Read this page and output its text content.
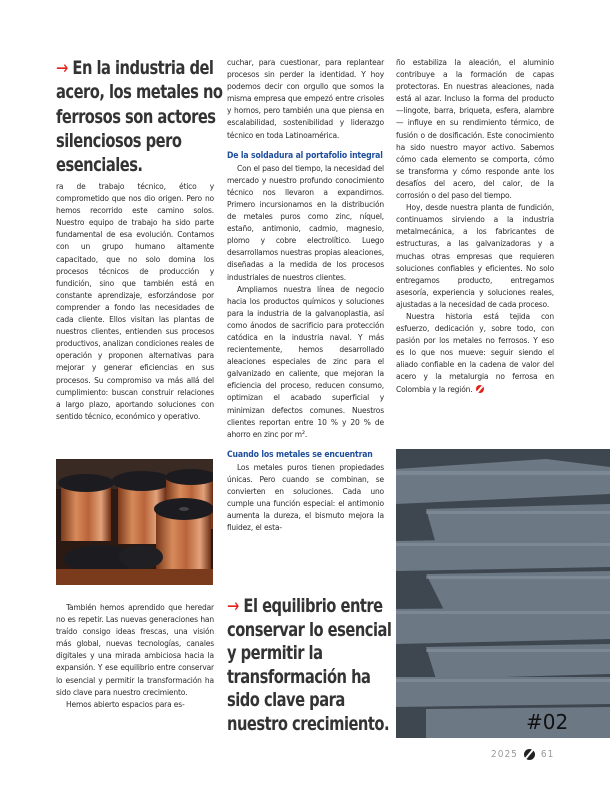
→ En la industria del acero, los metales no ferrosos son actores silenciosos pero esenciales.

ra de trabajo técnico, ético y comprometido que nos dio origen. Pero no hemos recorrido este camino solos. Nuestro equipo de trabajo ha sido parte fundamental de esa evolución. Contamos con un grupo humano altamente capacitado, que no solo domina los procesos técnicos de producción y fundición, sino que también está en constante aprendizaje, esforzándose por comprender a fondo las necesidades de cada cliente. Ellos visitan las plantas de nuestros clientes, entienden sus procesos productivos, analizan condiciones reales de operación y proponen alternativas para mejorar y generar eficiencias en sus procesos. Su compromiso va más allá del cumplimiento: buscan construir relaciones a largo plazo, aportando soluciones con sentido técnico, económico y operativo.

También hemos aprendido que heredar no es repetir. Las nuevas generaciones han traído consigo ideas frescas, una visión más global, nuevas tecnologías, canales digitales y una mirada ambiciosa hacia la expansión. Y ese equilibrio entre conservar lo esencial y permitir la transformación ha sido clave para nuestro crecimiento.

Hemos abierto espacios para es-

cuchar, para cuestionar, para replantear procesos sin perder la identidad. Y hoy podemos decir con orgullo que somos la misma empresa que empezó entre crisoles y hornos, pero también una que piensa en escalabilidad, sostenibilidad y liderazgo técnico en toda Latinoamérica.

De la soldadura al portafolio integral

Con el paso del tiempo, la necesidad del mercado y nuestro profundo conocimiento técnico nos llevaron a expandirnos. Primero incursionamos en la distribución de metales puros como zinc, níquel, estaño, antimonio, cadmio, magnesio, plomo y cobre electrolítico. Luego desarrollamos nuestras propias aleaciones, diseñadas a la medida de los procesos industriales de nuestros clientes.

Ampliamos nuestra línea de negocio hacia los productos químicos y soluciones para la industria de la galvanoplastia, así como ánodos de sacrificio para protección catódica en la industria naval. Y más recientemente, hemos desarrollado aleaciones especiales de zinc para el galvanizado en caliente, que mejoran la eficiencia del proceso, reducen consumo, optimizan el acabado superficial y minimizan defectos comunes. Nuestros clientes reportan entre 10 % y 20 % de ahorro en zinc por m².

Cuando los metales se encuentran

Los metales puros tienen propiedades únicas. Pero cuando se combinan, se convierten en soluciones. Cada uno cumple una función especial: el antimonio aumenta la dureza, el bismuto mejora la fluidez, el esta-

→ El equilibrio entre conservar lo esencial y permitir la transformación ha sido clave para nuestro crecimiento.

ño estabiliza la aleación, el aluminio contribuye a la formación de capas protectoras. En nuestras aleaciones, nada está al azar. Incluso la forma del producto —lingote, barra, briqueta, esfera, alambre— influye en su rendimiento térmico, de fusión o de dosificación. Este conocimiento ha sido nuestro mayor activo. Sabemos cómo cada elemento se comporta, cómo se transforma y cómo responde ante los desafíos del acero, del calor, de la corrosión o del paso del tiempo.

Hoy, desde nuestra planta de fundición, continuamos sirviendo a la industria metalmecánica, a los fabricantes de estructuras, a las galvanizadoras y a muchas otras empresas que requieren soluciones confiables y eficientes. No solo entregamos producto, entregamos asesoría, experiencia y soluciones reales, ajustadas a la necesidad de cada proceso.

Nuestra historia está tejida con esfuerzo, dedicación y, sobre todo, con pasión por los metales no ferrosos. Y eso es lo que nos mueve: seguir siendo el aliado confiable en la cadena de valor del acero y la metalurgia no ferrosa en Colombia y la región.

#02
2025 61
